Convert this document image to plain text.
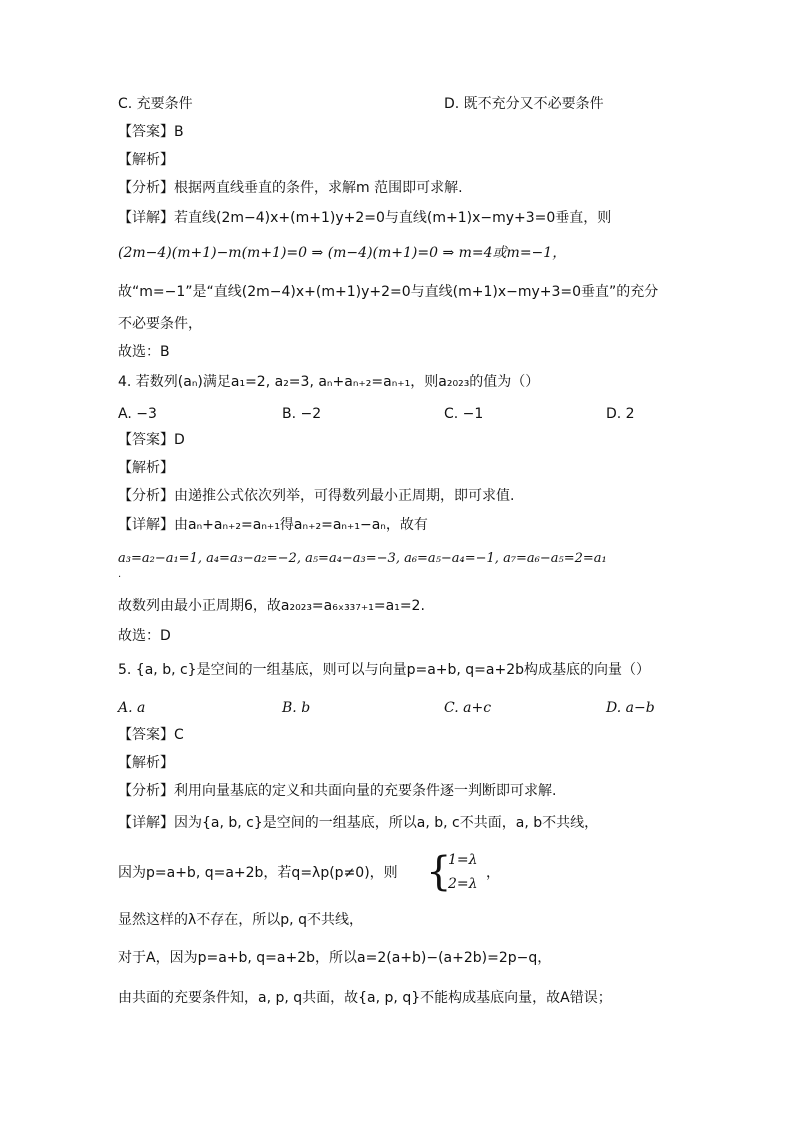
C. 充要条件	D. 既不充分又不必要条件
【答案】B
【解析】
【分析】根据两直线垂直的条件，求解m 范围即可求解.
【详解】若直线(2m−4)x+(m+1)y+2=0与直线(m+1)x−my+3=0垂直，则
(2m−4)(m+1)−m(m+1)=0 ⇒ (m−4)(m+1)=0 ⇒ m=4或m=−1，
故“m=−1”是“直线(2m−4)x+(m+1)y+2=0与直线(m+1)x−my+3=0垂直”的充分
不必要条件，
故选：B
4. 若数列(aₙ)满足a₁=2, a₂=3, aₙ+aₙ₊₂=aₙ₊₁，则a₂₀₂₃的值为（）
A. −3	B. −2	C. −1	D. 2
【答案】D
【解析】
【分析】由递推公式依次列举，可得数列最小正周期，即可求值.
【详解】由aₙ+aₙ₊₂=aₙ₊₁得aₙ₊₂=aₙ₊₁−aₙ，故有
a₃=a₂−a₁=1, a₄=a₃−a₂=−2, a₅=a₄−a₃=−3, a₆=a₅−a₄=−1, a₇=a₆−a₅=2=a₁
.
故数列由最小正周期6，故a₂₀₂₃=a₆ₓ₃₃₇₊₁=a₁=2.
故选：D
5. {a, b, c}是空间的一组基底，则可以与向量p=a+b, q=a+2b构成基底的向量（）
A. a	B. b	C. a+c	D. a−b
【答案】C
【解析】
【分析】利用向量基底的定义和共面向量的充要条件逐一判断即可求解.
【详解】因为{a, b, c}是空间的一组基底，所以a, b, c不共面，a, b不共线，
因为p=a+b, q=a+2b，若q=λp(p≠0)，则 {
1=λ
2=λ
，
显然这样的λ不存在，所以p, q不共线，
对于A，因为p=a+b, q=a+2b，所以a=2(a+b)−(a+2b)=2p−q，
由共面的充要条件知，a, p, q共面，故{a, p, q}不能构成基底向量，故A错误；
